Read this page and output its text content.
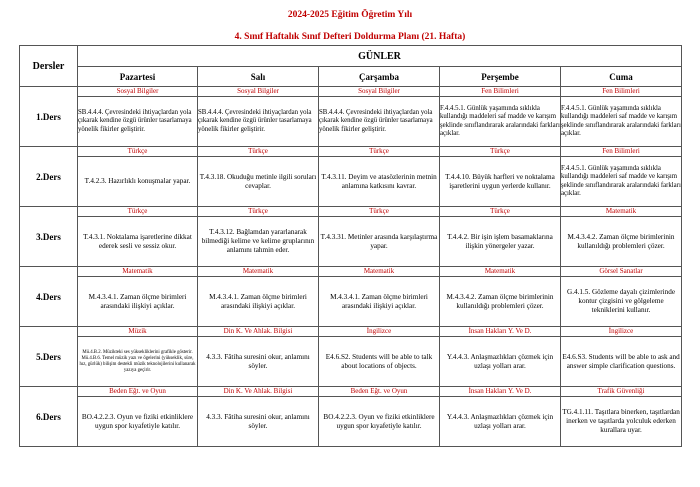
2024-2025 Eğitim Öğretim Yılı
4. Sınıf Haftalık Sınıf Defteri Doldurma Planı (21. Hafta)
Dersler	GÜNLER				
	Pazartesi	Salı	Çarşamba	Perşembe	Cuma
1.Ders	Sosyal Bilgiler	Sosyal Bilgiler	Sosyal Bilgiler	Fen Bilimleri	Fen Bilimleri
	SB.4.4.4. Çevresindeki ihtiyaçlardan yola çıkarak kendine özgü ürünler tasarlamaya yönelik fikirler geliştirir.	SB.4.4.4. Çevresindeki ihtiyaçlardan yola çıkarak kendine özgü ürünler tasarlamaya yönelik fikirler geliştirir.	SB.4.4.4. Çevresindeki ihtiyaçlardan yola çıkarak kendine özgü ürünler tasarlamaya yönelik fikirler geliştirir.	F.4.4.5.1. Günlük yaşamında sıklıkla kullandığı maddeleri saf madde ve karışım şeklinde sınıflandırarak aralarındaki farkları açıklar.	F.4.4.5.1. Günlük yaşamında sıklıkla kullandığı maddeleri saf madde ve karışım şeklinde sınıflandırarak aralarındaki farkları açıklar.
2.Ders	Türkçe	Türkçe	Türkçe	Türkçe	Fen Bilimleri
	T.4.2.3. Hazırlıklı konuşmalar yapar.	T.4.3.18. Okuduğu metinle ilgili soruları cevaplar.	T.4.3.11. Deyim ve atasözlerinin metnin anlamına katkısını kavrar.	T.4.4.10. Büyük harfleri ve noktalama işaretlerini uygun yerlerde kullanır.	F.4.4.5.1. Günlük yaşamında sıklıkla kullandığı maddeleri saf madde ve karışım şeklinde sınıflandırarak aralarındaki farkları açıklar.
3.Ders	Türkçe	Türkçe	Türkçe	Türkçe	Matematik
	T.4.3.1. Noktalama işaretlerine dikkat ederek sesli ve sessiz okur.	T.4.3.12. Bağlamdan yararlanarak bilmediği kelime ve kelime gruplarının anlamını tahmin eder.	T.4.3.31. Metinler arasında karşılaştırma yapar.	T.4.4.2. Bir işin işlem basamaklarına ilişkin yönergeler yazar.	M.4.3.4.2. Zaman ölçme birimlerinin kullanıldığı problemleri çözer.
4.Ders	Matematik	Matematik	Matematik	Matematik	Görsel Sanatlar
	M.4.3.4.1. Zaman ölçme birimleri arasındaki ilişkiyi açıklar.	M.4.3.4.1. Zaman ölçme birimleri arasındaki ilişkiyi açıklar.	M.4.3.4.1. Zaman ölçme birimleri arasındaki ilişkiyi açıklar.	M.4.3.4.2. Zaman ölçme birimlerinin kullanıldığı problemleri çözer.	G.4.1.5. Gözleme dayalı çizimlerinde kontur çizgisini ve gölgeleme tekniklerini kullanır.
5.Ders	Müzik	Din K. Ve Ahlak. Bilgisi	İngilizce	İnsan Hakları Y. Ve D.	İngilizce
	Mü.4.B.2. Müzikteki ses yüksekliklerini grafikle gösterir. Mü.4.B.6. Temel müzik yazı ve ögelerini (yükseklik, süre, hız, gürlük) bilişim destekli müzik teknolojilerini kullanarak yazıya geçirir.	4.3.3. Fâtiha suresini okur, anlamını söyler.	E4.6.S2. Students will be able to talk about locations of objects.	Y.4.4.3. Anlaşmazlıkları çözmek için uzlaşı yolları arar.	E4.6.S3. Students will be able to ask and answer simple clarification questions.
6.Ders	Beden Eğt. ve Oyun	Din K. Ve Ahlak. Bilgisi	Beden Eğt. ve Oyun	İnsan Hakları Y. Ve D.	Trafik Güvenliği
	BO.4.2.2.3. Oyun ve fiziki etkinliklere uygun spor kıyafetiyle katılır.	4.3.3. Fâtiha suresini okur, anlamını söyler.	BO.4.2.2.3. Oyun ve fiziki etkinliklere uygun spor kıyafetiyle katılır.	Y.4.4.3. Anlaşmazlıkları çözmek için uzlaşı yolları arar.	TG.4.1.11. Taşıtlara binerken, taşıtlardan inerken ve taşıtlarda yolculuk ederken kurallara uyar.
